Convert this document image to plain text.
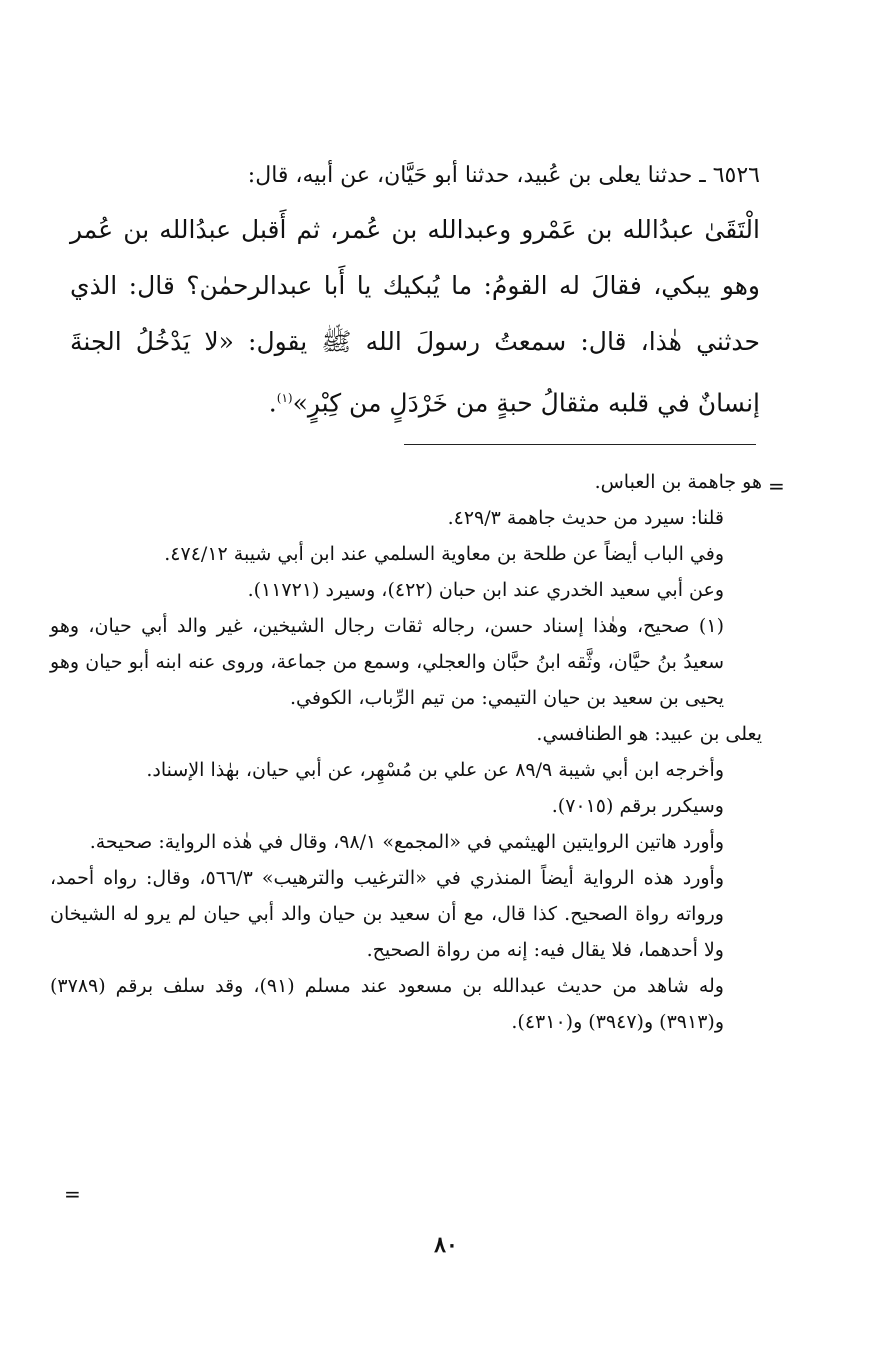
٦٥٢٦ ـ حدثنا يعلى بن عُبيد، حدثنا أبو حَيَّان، عن أبيه، قال:

الْتَقَىٰ عبدُالله بن عَمْرو وعبدالله بن عُمر، ثم أَقبل عبدُالله بن عُمر وهو يبكي، فقالَ له القومُ: ما يُبكيك يا أَبا عبدالرحمٰن؟ قال: الذي حدثني هٰذا، قال: سمعتُ رسولَ الله ﷺ يقول: «لا يَدْخُلُ الجنةَ إنسانٌ في قلبه مثقالُ حبةٍ من خَرْدَلٍ من كِبْرٍ»$^{(١)}$.

=

هو جاهمة بن العباس.

قلنا: سيرد من حديث جاهمة ٤٢٩/٣.

وفي الباب أيضاً عن طلحة بن معاوية السلمي عند ابن أبي شيبة ٤٧٤/١٢.

وعن أبي سعيد الخدري عند ابن حبان (٤٢٢)، وسيرد (١١٧٢١).

(١) صحيح، وهٰذا إسناد حسن، رجاله ثقات رجال الشيخين، غير والد أبي حيان، وهو سعيدُ بنُ حيَّان، وثَّقه ابنُ حبَّان والعجلي، وسمع من جماعة، وروى عنه ابنه أبو حيان وهو يحيى بن سعيد بن حيان التيمي: من تيم الرِّباب، الكوفي.

يعلى بن عبيد: هو الطنافسي.

وأخرجه ابن أبي شيبة ٨٩/٩ عن علي بن مُسْهِر، عن أبي حيان، بهٰذا الإسناد.

وسيكرر برقم (٧٠١٥).

وأورد هاتين الروايتين الهيثمي في «المجمع» ٩٨/١، وقال في هٰذه الرواية: صحيحة.

وأورد هذه الرواية أيضاً المنذري في «الترغيب والترهيب» ٥٦٦/٣، وقال: رواه أحمد، ورواته رواة الصحيح. كذا قال، مع أن سعيد بن حيان والد أبي حيان لم يرو له الشيخان ولا أحدهما، فلا يقال فيه: إنه من رواة الصحيح.

وله شاهد من حديث عبدالله بن مسعود عند مسلم (٩١)، وقد سلف برقم (٣٧٨٩) و(٣٩١٣) و(٣٩٤٧) و(٤٣١٠).

=
٨٠
